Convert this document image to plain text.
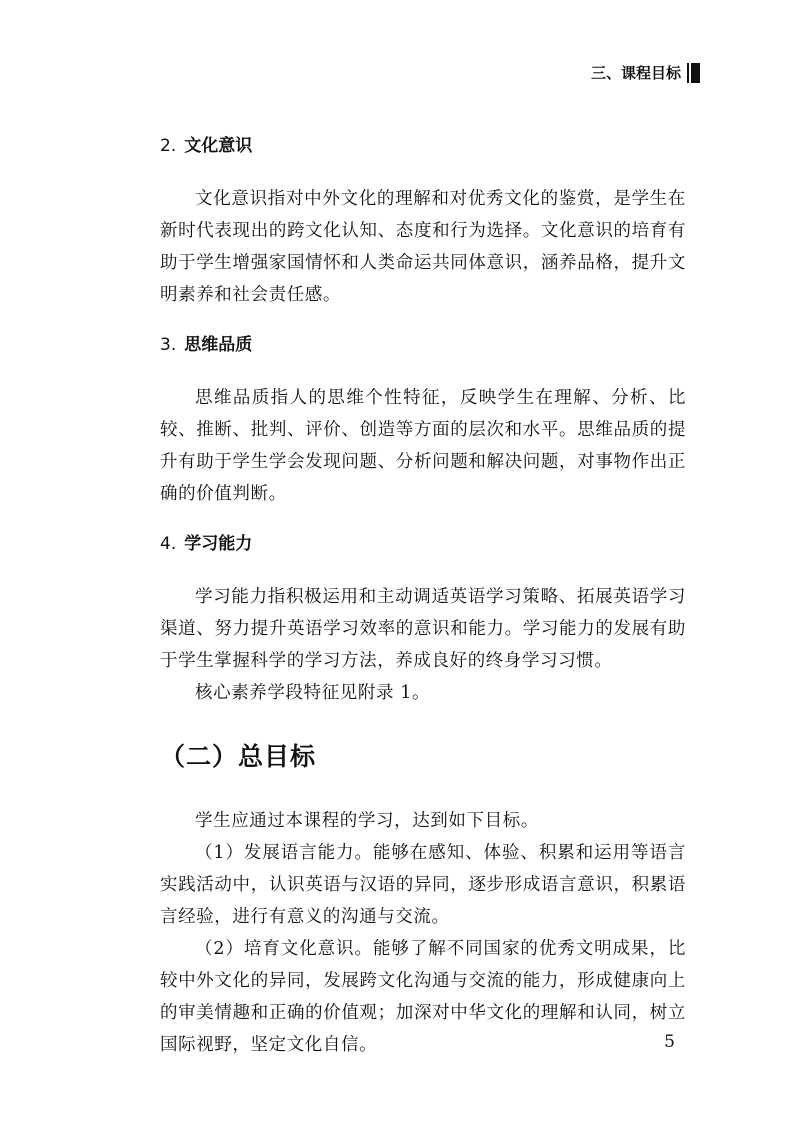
三、课程目标
2. 文化意识

文化意识指对中外文化的理解和对优秀文化的鉴赏，是学生在新时代表现出的跨文化认知、态度和行为选择。文化意识的培育有助于学生增强家国情怀和人类命运共同体意识，涵养品格，提升文明素养和社会责任感。

3. 思维品质

思维品质指人的思维个性特征，反映学生在理解、分析、比较、推断、批判、评价、创造等方面的层次和水平。思维品质的提升有助于学生学会发现问题、分析问题和解决问题，对事物作出正确的价值判断。

4. 学习能力

学习能力指积极运用和主动调适英语学习策略、拓展英语学习渠道、努力提升英语学习效率的意识和能力。学习能力的发展有助于学生掌握科学的学习方法，养成良好的终身学习习惯。

核心素养学段特征见附录 1。

（二）总目标

学生应通过本课程的学习，达到如下目标。

（1）发展语言能力。能够在感知、体验、积累和运用等语言实践活动中，认识英语与汉语的异同，逐步形成语言意识，积累语言经验，进行有意义的沟通与交流。

（2）培育文化意识。能够了解不同国家的优秀文明成果，比较中外文化的异同，发展跨文化沟通与交流的能力，形成健康向上的审美情趣和正确的价值观；加深对中华文化的理解和认同，树立国际视野，坚定文化自信。	5
